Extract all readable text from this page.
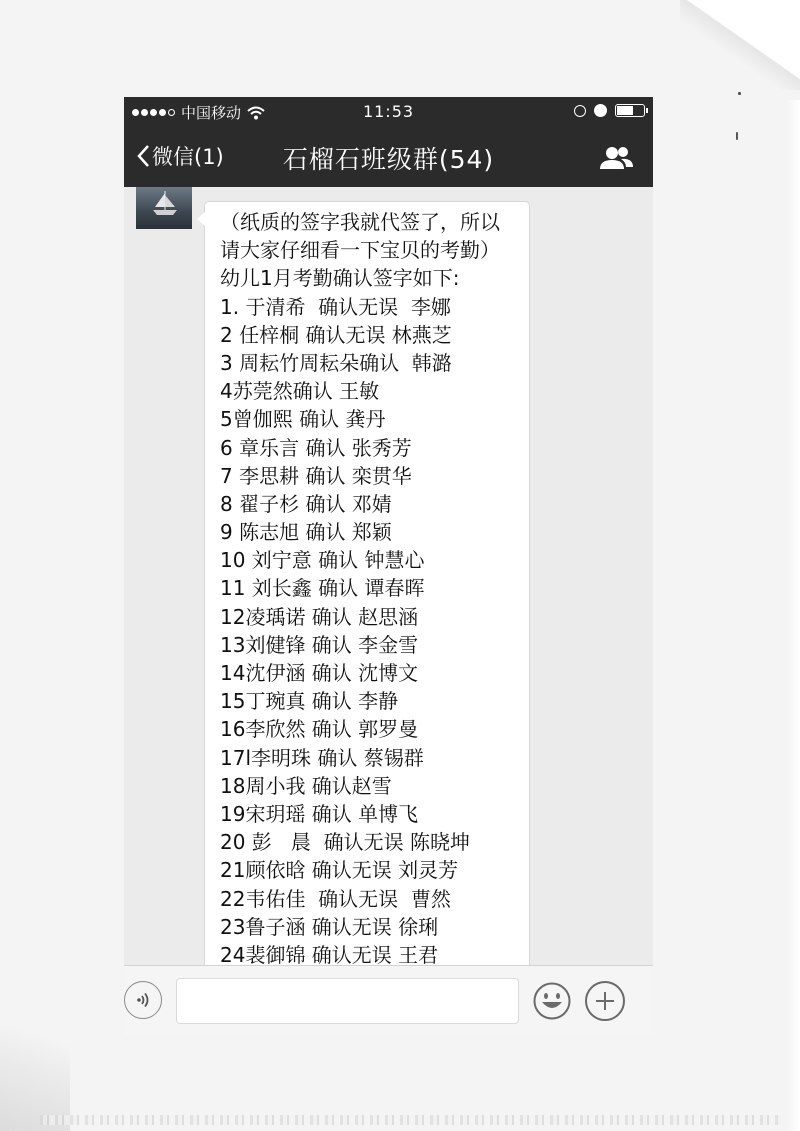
中国移动	11:53
微信(1)	石榴石班级群(54)
（纸质的签字我就代签了，所以
请大家仔细看一下宝贝的考勤）
幼儿1月考勤确认签字如下:
1. 于清希  确认无误  李娜
2 任梓桐 确认无误 林燕芝
3 周耘竹周耘朵确认  韩潞
4苏莞然确认 王敏
5曾伽熙 确认 龚丹
6 章乐言 确认 张秀芳
7 李思耕 确认 栾贯华
8 翟子杉 确认 邓婧
9 陈志旭 确认 郑颖
10 刘宁意 确认 钟慧心
11 刘长鑫 确认 谭春晖
12凌瑀诺 确认 赵思涵
13刘健锋 确认 李金雪
14沈伊涵 确认 沈博文
15丁琬真 确认 李静
16李欣然 确认 郭罗曼
17l李明珠 确认 蔡锡群
18周小我 确认赵雪
19宋玥瑶 确认 单博飞
20 彭   晨  确认无误 陈晓坤
21顾依晗 确认无误 刘灵芳
22韦佑佳  确认无误  曹然
23鲁子涵 确认无误 徐琍
24裴御锦 确认无误 王君
